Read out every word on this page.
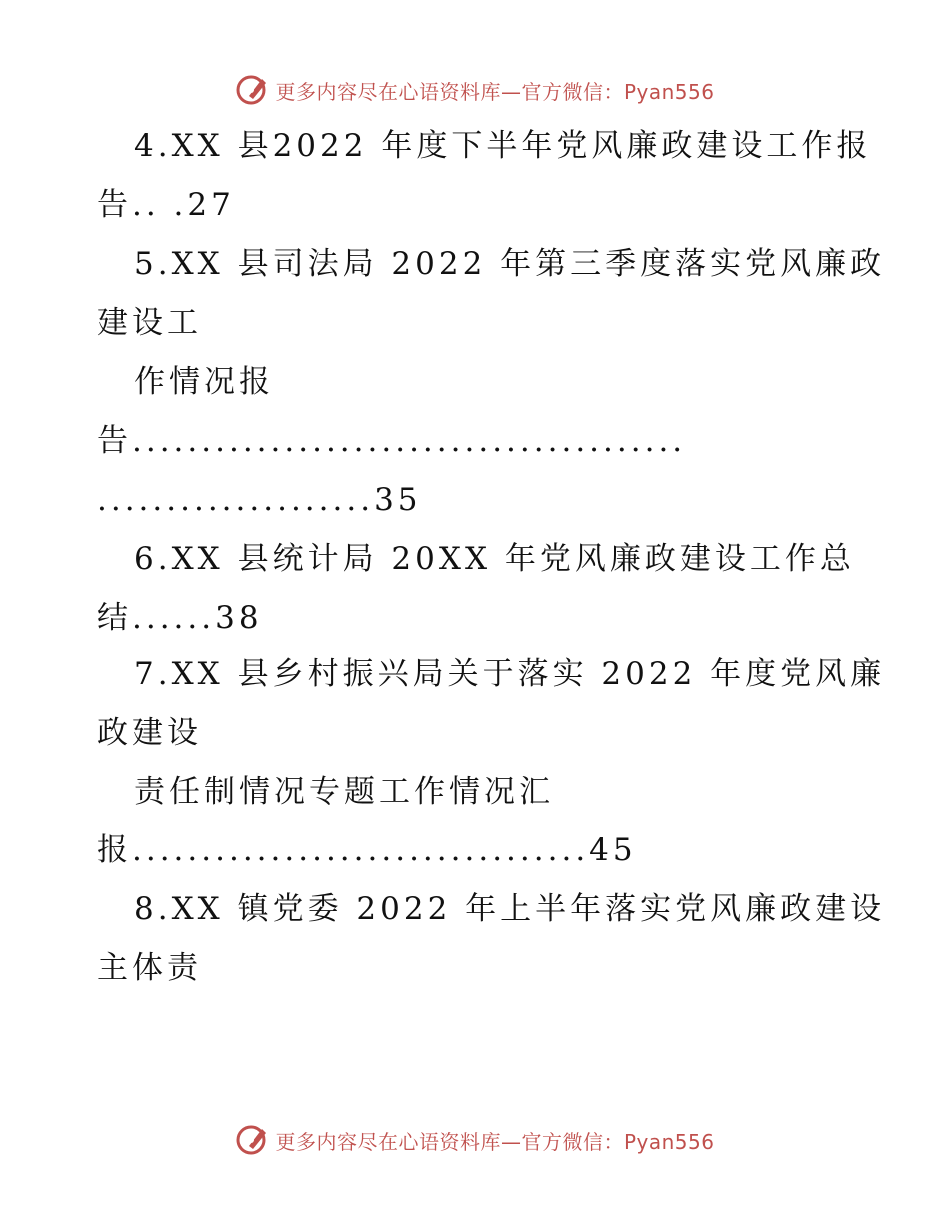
更多内容尽在心语资料库—官方微信：Pyan556
4.XX 县2022 年度下半年党风廉政建设工作报
告.. .27
5.XX 县司法局 2022 年第三季度落实党风廉政
建设工
作情况报
告........................................
....................35
6.XX 县统计局 20XX 年党风廉政建设工作总
结......38
7.XX 县乡村振兴局关于落实 2022 年度党风廉
政建设
责任制情况专题工作情况汇
报.................................45
8.XX 镇党委 2022 年上半年落实党风廉政建设
主体责
更多内容尽在心语资料库—官方微信：Pyan556
